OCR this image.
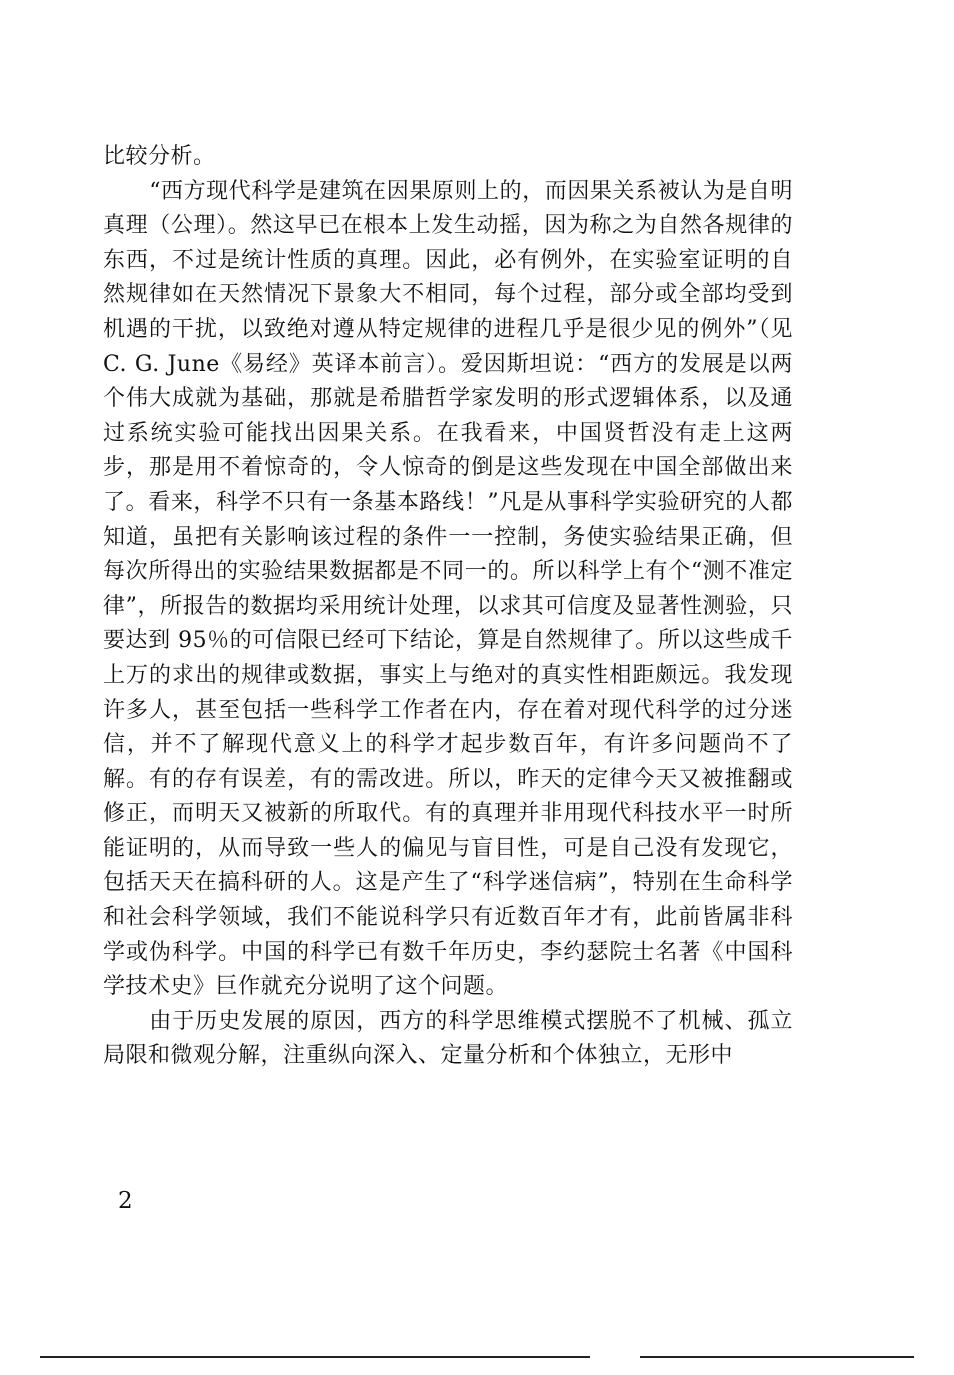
比较分析。

“西方现代科学是建筑在因果原则上的，而因果关系被认为是自明真理（公理）。然这早已在根本上发生动摇，因为称之为自然各规律的东西，不过是统计性质的真理。因此，必有例外，在实验室证明的自然规律如在天然情况下景象大不相同，每个过程，部分或全部均受到机遇的干扰，以致绝对遵从特定规律的进程几乎是很少见的例外”（见 C. G. June《易经》英译本前言）。爱因斯坦说：“西方的发展是以两个伟大成就为基础，那就是希腊哲学家发明的形式逻辑体系，以及通过系统实验可能找出因果关系。在我看来，中国贤哲没有走上这两步，那是用不着惊奇的，令人惊奇的倒是这些发现在中国全部做出来了。看来，科学不只有一条基本路线！”凡是从事科学实验研究的人都知道，虽把有关影响该过程的条件一一控制，务使实验结果正确，但每次所得出的实验结果数据都是不同一的。所以科学上有个“测不准定律”，所报告的数据均采用统计处理，以求其可信度及显著性测验，只要达到 95％的可信限已经可下结论，算是自然规律了。所以这些成千上万的求出的规律或数据，事实上与绝对的真实性相距颇远。我发现许多人，甚至包括一些科学工作者在内，存在着对现代科学的过分迷信，并不了解现代意义上的科学才起步数百年，有许多问题尚不了解。有的存有误差，有的需改进。所以，昨天的定律今天又被推翻或修正，而明天又被新的所取代。有的真理并非用现代科技水平一时所能证明的，从而导致一些人的偏见与盲目性，可是自己没有发现它，包括天天在搞科研的人。这是产生了“科学迷信病”，特别在生命科学和社会科学领域，我们不能说科学只有近数百年才有，此前皆属非科学或伪科学。中国的科学已有数千年历史，李约瑟院士名著《中国科学技术史》巨作就充分说明了这个问题。

由于历史发展的原因，西方的科学思维模式摆脱不了机械、孤立局限和微观分解，注重纵向深入、定量分析和个体独立，无形中

2
